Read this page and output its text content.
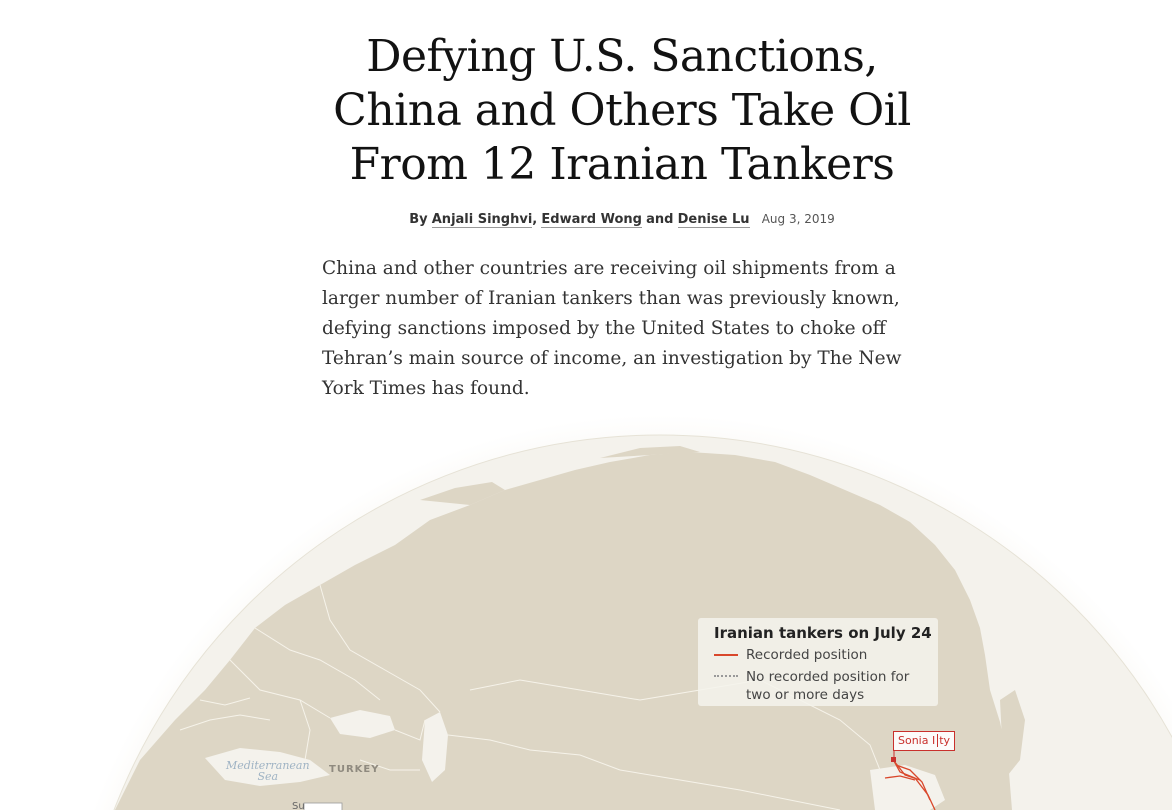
Defying U.S. Sanctions,
China and Others Take Oil
From 12 Iranian Tankers
By Anjali Singhvi, Edward Wong and Denise Lu Aug 3, 2019

China and other countries are receiving oil shipments from a larger number of Iranian tankers than was previously known, defying sanctions imposed by the United States to choke off Tehran’s main source of income, an investigation by The New York Times has found.

Iranian tankers on July 24
Recorded position
No recorded position for two or more days
Mediterranean
Sea
TURKEY
Sonia I ty
Su
